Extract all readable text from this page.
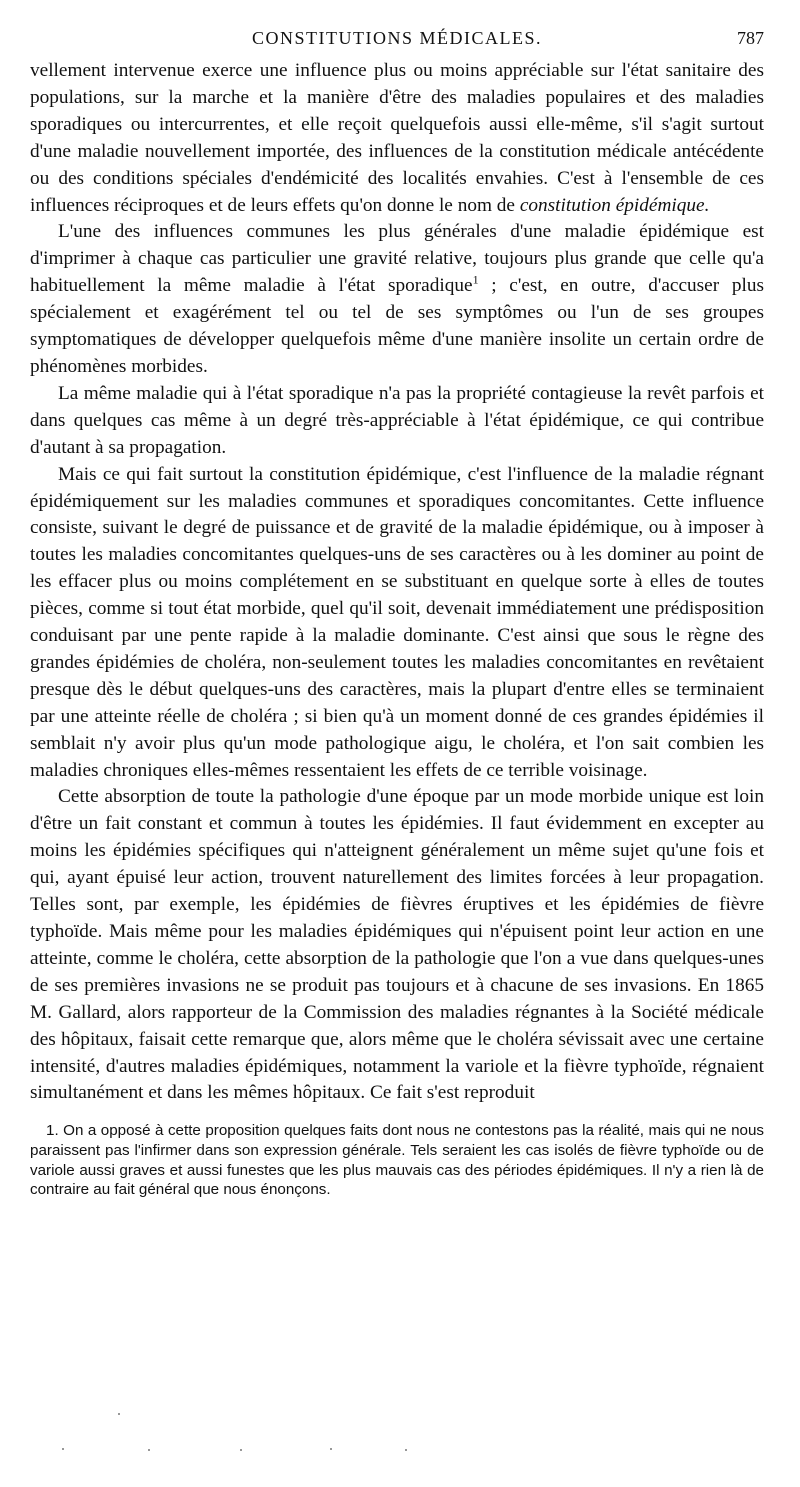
CONSTITUTIONS MÉDICALES.	787

vellement intervenue exerce une influence plus ou moins appréciable sur l'état sanitaire des populations, sur la marche et la manière d'être des maladies populaires et des maladies sporadiques ou intercurrentes, et elle reçoit quelquefois aussi elle-même, s'il s'agit surtout d'une maladie nouvellement importée, des influences de la constitution médicale antécédente ou des conditions spéciales d'endémicité des localités envahies. C'est à l'ensemble de ces influences réciproques et de leurs effets qu'on donne le nom de constitution épidémique.

L'une des influences communes les plus générales d'une maladie épidémique est d'imprimer à chaque cas particulier une gravité relative, toujours plus grande que celle qu'a habituellement la même maladie à l'état sporadique$^1$ ; c'est, en outre, d'accuser plus spécialement et exagérément tel ou tel de ses symptômes ou l'un de ses groupes symptomatiques de développer quelquefois même d'une manière insolite un certain ordre de phénomènes morbides.

La même maladie qui à l'état sporadique n'a pas la propriété contagieuse la revêt parfois et dans quelques cas même à un degré très-appréciable à l'état épidémique, ce qui contribue d'autant à sa propagation.

Mais ce qui fait surtout la constitution épidémique, c'est l'influence de la maladie régnant épidémiquement sur les maladies communes et sporadiques concomitantes. Cette influence consiste, suivant le degré de puissance et de gravité de la maladie épidémique, ou à imposer à toutes les maladies concomitantes quelques-uns de ses caractères ou à les dominer au point de les effacer plus ou moins complétement en se substituant en quelque sorte à elles de toutes pièces, comme si tout état morbide, quel qu'il soit, devenait immédiatement une prédisposition conduisant par une pente rapide à la maladie dominante. C'est ainsi que sous le règne des grandes épidémies de choléra, non-seulement toutes les maladies concomitantes en revêtaient presque dès le début quelques-uns des caractères, mais la plupart d'entre elles se terminaient par une atteinte réelle de choléra ; si bien qu'à un moment donné de ces grandes épidémies il semblait n'y avoir plus qu'un mode pathologique aigu, le choléra, et l'on sait combien les maladies chroniques elles-mêmes ressentaient les effets de ce terrible voisinage.

Cette absorption de toute la pathologie d'une époque par un mode morbide unique est loin d'être un fait constant et commun à toutes les épidémies. Il faut évidemment en excepter au moins les épidémies spécifiques qui n'atteignent généralement un même sujet qu'une fois et qui, ayant épuisé leur action, trouvent naturellement des limites forcées à leur propagation. Telles sont, par exemple, les épidémies de fièvres éruptives et les épidémies de fièvre typhoïde. Mais même pour les maladies épidémiques qui n'épuisent point leur action en une atteinte, comme le choléra, cette absorption de la pathologie que l'on a vue dans quelques-unes de ses premières invasions ne se produit pas toujours et à chacune de ses invasions. En 1865 M. Gallard, alors rapporteur de la Commission des maladies régnantes à la Société médicale des hôpitaux, faisait cette remarque que, alors même que le choléra sévissait avec une certaine intensité, d'autres maladies épidémiques, notamment la variole et la fièvre typhoïde, régnaient simultanément et dans les mêmes hôpitaux. Ce fait s'est reproduit

1. On a opposé à cette proposition quelques faits dont nous ne contestons pas la réalité, mais qui ne nous paraissent pas l'infirmer dans son expression générale. Tels seraient les cas isolés de fièvre typhoïde ou de variole aussi graves et aussi funestes que les plus mauvais cas des périodes épidémiques. Il n'y a rien là de contraire au fait général que nous énonçons.
